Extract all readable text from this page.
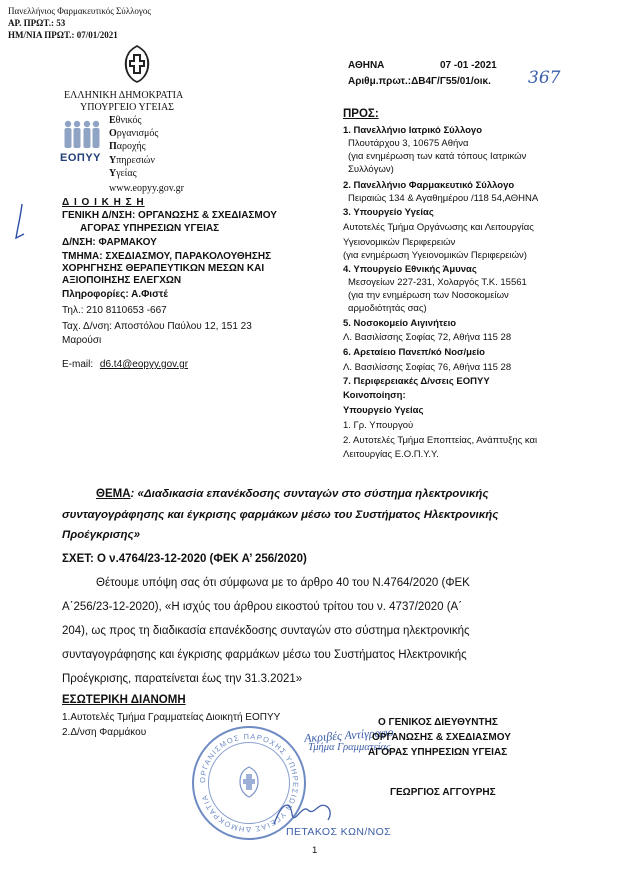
Πανελλήνιος Φαρμακευτικός Σύλλογος
ΑΡ. ΠΡΩΤ.: 53
ΗΜ/ΝΙΑ ΠΡΩΤ.: 07/01/2021
ΕΛΛΗΝΙΚΗ ΔΗΜΟΚΡΑΤΙΑ
ΥΠΟΥΡΓΕΙΟ ΥΓΕΙΑΣ
ΕΟΠΥΥ
Εθνικός
Οργανισμός
Παροχής
Υπηρεσιών
Υγείας
www.eopyy.gov.gr
Δ Ι Ο Ι Κ Η Σ Η
ΓΕΝΙΚΗ Δ/ΝΣΗ: ΟΡΓΑΝΩΣΗΣ & ΣΧΕΔΙΑΣΜΟΥ
ΑΓΟΡΑΣ ΥΠΗΡΕΣΙΩΝ ΥΓΕΙΑΣ
Δ/ΝΣΗ: ΦΑΡΜΑΚΟΥ
ΤΜΗΜΑ: ΣΧΕΔΙΑΣΜΟΥ, ΠΑΡΑΚΟΛΟΥΘΗΣΗΣ
ΧΟΡΗΓΗΣΗΣ ΘΕΡΑΠΕΥΤΙΚΩΝ ΜΕΣΩΝ ΚΑΙ
ΑΞΙΟΠΟΙΗΣΗΣ ΕΛΕΓΧΩΝ
Πληροφορίες: Α.Φιστέ
Τηλ.: 210 8110653 -667
Ταχ. Δ/νση: Αποστόλου Παύλου 12, 151 23
Μαρούσι
E-mail: d6.t4@eopyy.gov.gr
ΑΘΗΝΑ	07 -01 -2021
Αριθμ.πρωτ.:ΔΒ4Γ/Γ55/01/οικ. 367
ΠΡΟΣ:

1. Πανελλήνιο Ιατρικό Σύλλογο

Πλουτάρχου 3, 10675 Αθήνα

(για ενημέρωση των κατά τόπους Ιατρικών

Συλλόγων)

2. Πανελλήνιο Φαρμακευτικό Σύλλογο

Πειραιώς 134 & Αγαθημέρου /118 54,ΑΘΗΝΑ

3. Υπουργείο Υγείας

Αυτοτελές Τμήμα Οργάνωσης και Λειτουργίας

Υγειονομικών Περιφερειών

(για ενημέρωση Υγειονομικών Περιφερειών)

4. Υπουργείο Εθνικής Άμυνας

Μεσογείων 227-231, Χολαργός Τ.Κ. 15561

(για την ενημέρωση των Νοσοκομείων

αρμοδιότητάς σας)

5. Νοσοκομείο Αιγινήτειο

Λ. Βασιλίσσης Σοφίας 72, Αθήνα 115 28

6. Αρεταίειο Πανεπ/κό Νοσ/μείο

Λ. Βασιλίσσης Σοφίας 76, Αθήνα 115 28

7. Περιφερειακές Δ/νσεις ΕΟΠΥΥ

Κοινοποίηση:

Υπουργείο Υγείας

1. Γρ. Υπουργού

2. Αυτοτελές Τμήμα Εποπτείας, Ανάπτυξης και

Λειτουργίας Ε.Ο.Π.Υ.Υ.

ΘΕΜΑ: «Διαδικασία επανέκδοσης συνταγών στο σύστημα ηλεκτρονικής
συνταγογράφησης και έγκρισης φαρμάκων μέσω του Συστήματος Ηλεκτρονικής
Προέγκρισης»
ΣΧΕΤ: Ο ν.4764/23-12-2020 (ΦΕΚ Α’ 256/2020)
Θέτουμε υπόψη σας ότι σύμφωνα με το άρθρο 40 του Ν.4764/2020 (ΦΕΚ
Α΄256/23-12-2020), «Η ισχύς του άρθρου εικοστού τρίτου του ν. 4737/2020 (Α΄
204), ως προς τη διαδικασία επανέκδοσης συνταγών στο σύστημα ηλεκτρονικής
συνταγογράφησης και έγκρισης φαρμάκων μέσω του Συστήματος Ηλεκτρονικής
Προέγκρισης, παρατείνεται έως την 31.3.2021»
ΕΣΩΤΕΡΙΚΗ ΔΙΑΝΟΜΗ
1.Αυτοτελές Τμήμα Γραμματείας Διοικητή ΕΟΠΥΥ
2.Δ/νση Φαρμάκου
ΟΡΓΑΝΙΣΜΟΣ ΠΑΡΟΧΗΣ ΥΠΗΡΕΣΙΩΝ ΥΓΕΙΑΣ ΔΗΜΟΚΡΑΤΙΑ
Ακριβές Αντίγραφο
Τμήμα Γραμματείας
Ο ΓΕΝΙΚΟΣ ΔΙΕΥΘΥΝΤΗΣ
ΟΡΓΑΝΩΣΗΣ & ΣΧΕΔΙΑΣΜΟΥ
ΑΓΟΡΑΣ ΥΠΗΡΕΣΙΩΝ ΥΓΕΙΑΣ
ΓΕΩΡΓΙΟΣ ΑΓΓΟΥΡΗΣ
ΠΕΤΑΚΟΣ ΚΩΝ/ΝΟΣ
1
